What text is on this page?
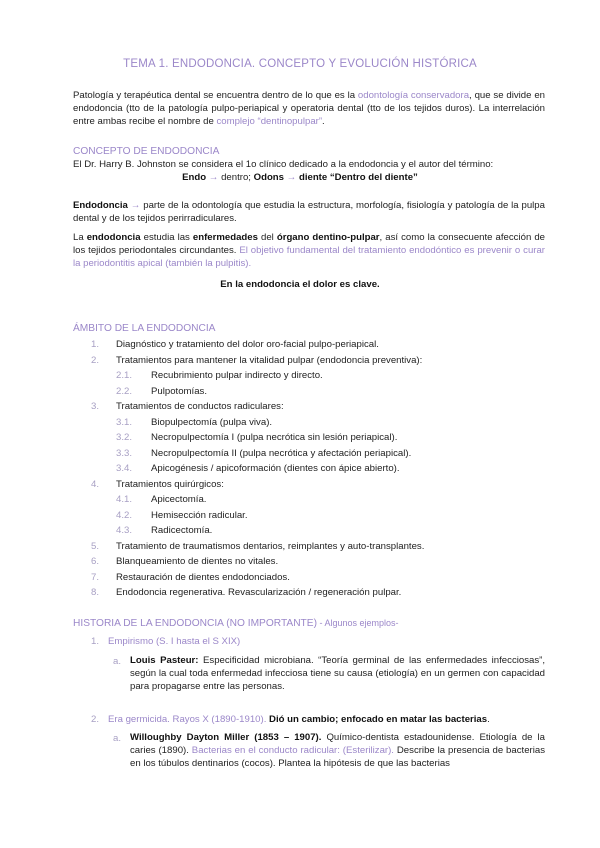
TEMA 1. ENDODONCIA. CONCEPTO Y EVOLUCIÓN HISTÓRICA
Patología y terapéutica dental se encuentra dentro de lo que es la odontología conservadora, que se divide en endodoncia (tto de la patología pulpo-periapical y operatoria dental (tto de los tejidos duros). La interrelación entre ambas recibe el nombre de complejo “dentinopulpar”.
CONCEPTO DE ENDODONCIA
El Dr. Harry B. Johnston se considera el 1o clínico dedicado a la endodoncia y el autor del término:
Endo → dentro; Odons → diente “Dentro del diente”
Endodoncia → parte de la odontología que estudia la estructura, morfología, fisiología y patología de la pulpa dental y de los tejidos perirradiculares.
La endodoncia estudia las enfermedades del órgano dentino-pulpar, así como la consecuente afección de los tejidos periodontales circundantes. El objetivo fundamental del tratamiento endodóntico es prevenir o curar la periodontitis apical (también la pulpitis).
En la endodoncia el dolor es clave.
ÁMBITO DE LA ENDODONCIA
1. Diagnóstico y tratamiento del dolor oro-facial pulpo-periapical.
2. Tratamientos para mantener la vitalidad pulpar (endodoncia preventiva):
2.1. Recubrimiento pulpar indirecto y directo.
2.2. Pulpotomías.
3. Tratamientos de conductos radiculares:
3.1. Biopulpectomía (pulpa viva).
3.2. Necropulpectomía I (pulpa necrótica sin lesión periapical).
3.3. Necropulpectomía II (pulpa necrótica y afectación periapical).
3.4. Apicogénesis / apicoformación (dientes con ápice abierto).
4. Tratamientos quirúrgicos:
4.1. Apicectomía.
4.2. Hemisección radicular.
4.3. Radicectomía.
5. Tratamiento de traumatismos dentarios, reimplantes y auto-transplantes.
6. Blanqueamiento de dientes no vitales.
7. Restauración de dientes endodonciados.
8. Endodoncia regenerativa. Revascularización / regeneración pulpar.
HISTORIA DE LA ENDODONCIA (NO IMPORTANTE) - Algunos ejemplos-
1. Empirismo (S. I hasta el S XIX)
a. Louis Pasteur: Especificidad microbiana. “Teoría germinal de las enfermedades infecciosas”, según la cual toda enfermedad infecciosa tiene su causa (etiología) en un germen con capacidad para propagarse entre las personas.
2. Era germicida. Rayos X (1890-1910). Dió un cambio; enfocado en matar las bacterias.
a. Willoughby Dayton Miller (1853 – 1907). Químico-dentista estadounidense. Etiología de la caries (1890). Bacterias en el conducto radicular: (Esterilizar). Describe la presencia de bacterias en los túbulos dentinarios (cocos). Plantea la hipótesis de que las bacterias
